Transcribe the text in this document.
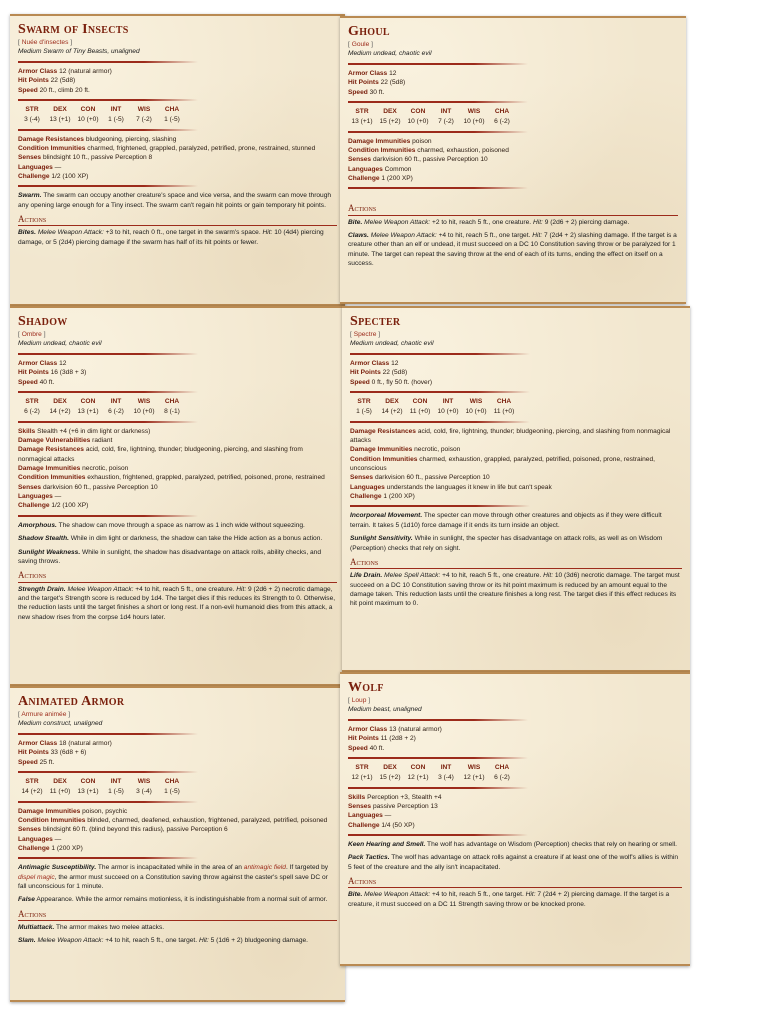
Swarm of Insects
[ Nuée d'insectes ]
Medium Swarm of Tiny Beasts, unaligned
Armor Class 12 (natural armor)
Hit Points 22 (5d8)
Speed 20 ft., climb 20 ft.
STR	DEX	CON	INT	WIS	CHA
3 (-4)	13 (+1)	10 (+0)	1 (-5)	7 (-2)	1 (-5)
Damage Resistances bludgeoning, piercing, slashing
Condition Immunities charmed, frightened, grappled, paralyzed, petrified, prone, restrained, stunned
Senses blindsight 10 ft., passive Perception 8
Languages —
Challenge 1/2 (100 XP)
Swarm. The swarm can occupy another creature's space and vice versa, and the swarm can move through any opening large enough for a Tiny insect. The swarm can't regain hit points or gain temporary hit points.
Actions
Bites. Melee Weapon Attack: +3 to hit, reach 0 ft., one target in the swarm's space. Hit: 10 (4d4) piercing damage, or 5 (2d4) piercing damage if the swarm has half of its hit points or fewer.
Ghoul
[ Goule ]
Medium undead, chaotic evil
Armor Class 12
Hit Points 22 (5d8)
Speed 30 ft.
STR	DEX	CON	INT	WIS	CHA
13 (+1)	15 (+2)	10 (+0)	7 (-2)	10 (+0)	6 (-2)
Damage Immunities poison
Condition Immunities charmed, exhaustion, poisoned
Senses darkvision 60 ft., passive Perception 10
Languages Common
Challenge 1 (200 XP)
Actions
Bite. Melee Weapon Attack: +2 to hit, reach 5 ft., one creature. Hit: 9 (2d6 + 2) piercing damage.
Claws. Melee Weapon Attack: +4 to hit, reach 5 ft., one target. Hit: 7 (2d4 + 2) slashing damage. If the target is a creature other than an elf or undead, it must succeed on a DC 10 Constitution saving throw or be paralyzed for 1 minute. The target can repeat the saving throw at the end of each of its turns, ending the effect on itself on a success.
Shadow
[ Ombre ]
Medium undead, chaotic evil
Armor Class 12
Hit Points 16 (3d8 + 3)
Speed 40 ft.
STR	DEX	CON	INT	WIS	CHA
6 (-2)	14 (+2)	13 (+1)	6 (-2)	10 (+0)	8 (-1)
Skills Stealth +4 (+6 in dim light or darkness)
Damage Vulnerabilities radiant
Damage Resistances acid, cold, fire, lightning, thunder; bludgeoning, piercing, and slashing from nonmagical attacks
Damage Immunities necrotic, poison
Condition Immunities exhaustion, frightened, grappled, paralyzed, petrified, poisoned, prone, restrained
Senses darkvision 60 ft., passive Perception 10
Languages —
Challenge 1/2 (100 XP)
Amorphous. The shadow can move through a space as narrow as 1 inch wide without squeezing.
Shadow Stealth. While in dim light or darkness, the shadow can take the Hide action as a bonus action.
Sunlight Weakness. While in sunlight, the shadow has disadvantage on attack rolls, ability checks, and saving throws.
Actions
Strength Drain. Melee Weapon Attack: +4 to hit, reach 5 ft., one creature. Hit: 9 (2d6 + 2) necrotic damage, and the target's Strength score is reduced by 1d4. The target dies if this reduces its Strength to 0. Otherwise, the reduction lasts until the target finishes a short or long rest. If a non-evil humanoid dies from this attack, a new shadow rises from the corpse 1d4 hours later.
Specter
[ Spectre ]
Medium undead, chaotic evil
Armor Class 12
Hit Points 22 (5d8)
Speed 0 ft., fly 50 ft. (hover)
STR	DEX	CON	INT	WIS	CHA
1 (-5)	14 (+2)	11 (+0)	10 (+0)	10 (+0)	11 (+0)
Damage Resistances acid, cold, fire, lightning, thunder; bludgeoning, piercing, and slashing from nonmagical attacks
Damage Immunities necrotic, poison
Condition Immunities charmed, exhaustion, grappled, paralyzed, petrified, poisoned, prone, restrained, unconscious
Senses darkvision 60 ft., passive Perception 10
Languages understands the languages it knew in life but can't speak
Challenge 1 (200 XP)
Incorporeal Movement. The specter can move through other creatures and objects as if they were difficult terrain. It takes 5 (1d10) force damage if it ends its turn inside an object.
Sunlight Sensitivity. While in sunlight, the specter has disadvantage on attack rolls, as well as on Wisdom (Perception) checks that rely on sight.
Actions
Life Drain. Melee Spell Attack: +4 to hit, reach 5 ft., one creature. Hit: 10 (3d6) necrotic damage. The target must succeed on a DC 10 Constitution saving throw or its hit point maximum is reduced by an amount equal to the damage taken. This reduction lasts until the creature finishes a long rest. The target dies if this effect reduces its hit point maximum to 0.
Animated Armor
[ Armure animée ]
Medium construct, unaligned
Armor Class 18 (natural armor)
Hit Points 33 (6d8 + 6)
Speed 25 ft.
STR	DEX	CON	INT	WIS	CHA
14 (+2)	11 (+0)	13 (+1)	1 (-5)	3 (-4)	1 (-5)
Damage Immunities poison, psychic
Condition Immunities blinded, charmed, deafened, exhaustion, frightened, paralyzed, petrified, poisoned
Senses blindsight 60 ft. (blind beyond this radius), passive Perception 6
Languages —
Challenge 1 (200 XP)
Antimagic Susceptibility. The armor is incapacitated while in the area of an antimagic field. If targeted by dispel magic, the armor must succeed on a Constitution saving throw against the caster's spell save DC or fall unconscious for 1 minute.
False Appearance. While the armor remains motionless, it is indistinguishable from a normal suit of armor.
Actions
Multiattack. The armor makes two melee attacks.
Slam. Melee Weapon Attack: +4 to hit, reach 5 ft., one target. Hit: 5 (1d6 + 2) bludgeoning damage.
Wolf
[ Loup ]
Medium beast, unaligned
Armor Class 13 (natural armor)
Hit Points 11 (2d8 + 2)
Speed 40 ft.
STR	DEX	CON	INT	WIS	CHA
12 (+1)	15 (+2)	12 (+1)	3 (-4)	12 (+1)	6 (-2)
Skills Perception +3, Stealth +4
Senses passive Perception 13
Languages —
Challenge 1/4 (50 XP)
Keen Hearing and Smell. The wolf has advantage on Wisdom (Perception) checks that rely on hearing or smell.
Pack Tactics. The wolf has advantage on attack rolls against a creature if at least one of the wolf's allies is within 5 feet of the creature and the ally isn't incapacitated.
Actions
Bite. Melee Weapon Attack: +4 to hit, reach 5 ft., one target. Hit: 7 (2d4 + 2) piercing damage. If the target is a creature, it must succeed on a DC 11 Strength saving throw or be knocked prone.
